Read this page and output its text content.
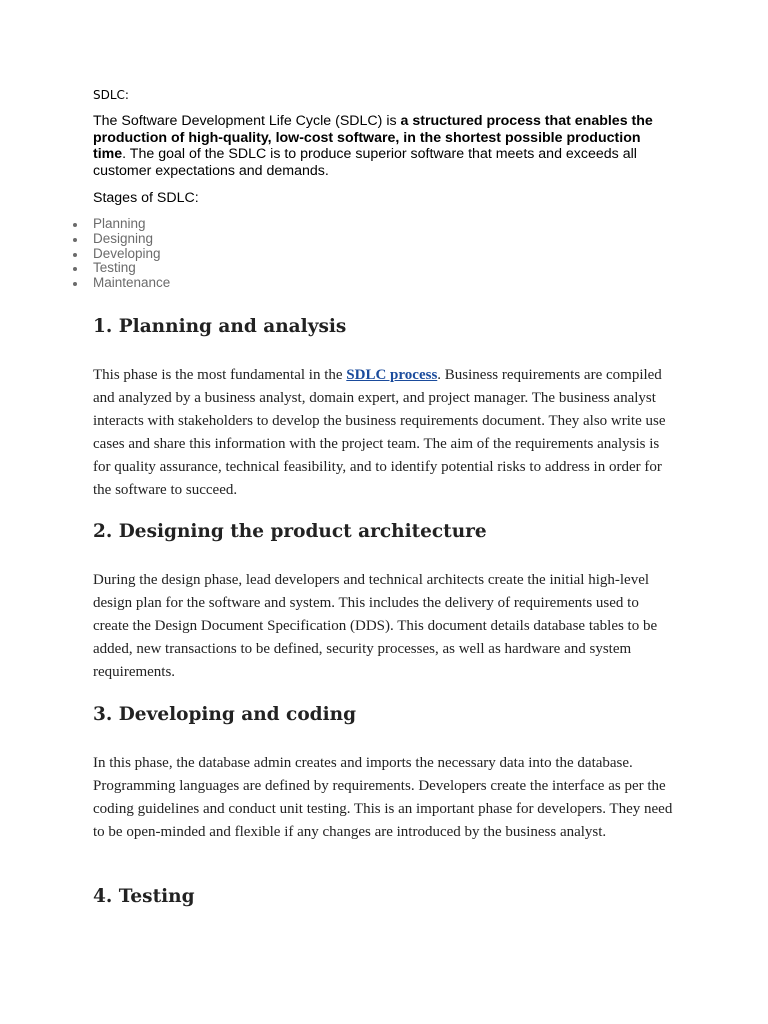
SDLC:

The Software Development Life Cycle (SDLC) is a structured process that enables the production of high-quality, low-cost software, in the shortest possible production time. The goal of the SDLC is to produce superior software that meets and exceeds all customer expectations and demands.

Stages of SDLC:

Planning
Designing
Developing
Testing
Maintenance
1. Planning and analysis

This phase is the most fundamental in the SDLC process. Business requirements are compiled and analyzed by a business analyst, domain expert, and project manager. The business analyst interacts with stakeholders to develop the business requirements document. They also write use cases and share this information with the project team. The aim of the requirements analysis is for quality assurance, technical feasibility, and to identify potential risks to address in order for the software to succeed.

2. Designing the product architecture

During the design phase, lead developers and technical architects create the initial high-level design plan for the software and system. This includes the delivery of requirements used to create the Design Document Specification (DDS). This document details database tables to be added, new transactions to be defined, security processes, as well as hardware and system requirements.

3. Developing and coding

In this phase, the database admin creates and imports the necessary data into the database. Programming languages are defined by requirements. Developers create the interface as per the coding guidelines and conduct unit testing. This is an important phase for developers. They need to be open-minded and flexible if any changes are introduced by the business analyst.

4. Testing
